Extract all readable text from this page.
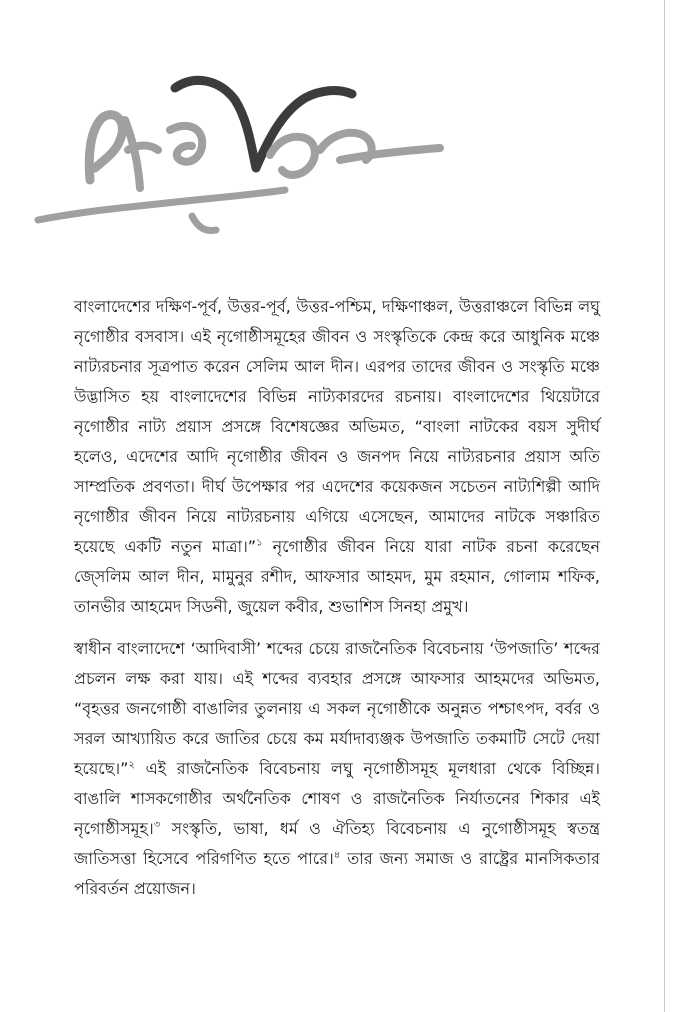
বাংলাদেশের দক্ষিণ-পূর্ব, উত্তর-পূর্ব, উত্তর-পশ্চিম, দক্ষিণাঞ্চল, উত্তরাঞ্চলে বিভিন্ন লঘু নৃগোষ্ঠীর বসবাস। এই নৃগোষ্ঠীসমূহের জীবন ও সংস্কৃতিকে কেন্দ্র করে আধুনিক মঞ্চে নাট্যরচনার সূত্রপাত করেন সেলিম আল দীন। এরপর তাদের জীবন ও সংস্কৃতি মঞ্চে উদ্ভাসিত হয় বাংলাদেশের বিভিন্ন নাট্যকারদের রচনায়। বাংলাদেশের থিয়েটারে নৃগোষ্ঠীর নাট্য প্রয়াস প্রসঙ্গে বিশেষজ্ঞের অভিমত, “বাংলা নাটকের বয়স সুদীর্ঘ হলেও, এদেশের আদি নৃগোষ্ঠীর জীবন ও জনপদ নিয়ে নাট্যরচনার প্রয়াস অতি সাম্প্রতিক প্রবণতা। দীর্ঘ উপেক্ষার পর এদেশের কয়েকজন সচেতন নাট্যশিল্পী আদি নৃগোষ্ঠীর জীবন নিয়ে নাট্যরচনায় এগিয়ে এসেছেন, আমাদের নাটকে সঞ্চারিত হয়েছে একটি নতুন মাত্রা।”$^১$ নৃগোষ্ঠীর জীবন নিয়ে যারা নাটক রচনা করেছেন জ্সেলিম আল দীন, মামুনুর রশীদ, আফসার আহমদ, মুম রহমান, গোলাম শফিক, তানভীর আহমেদ সিডনী, জুয়েল কবীর, শুভাশিস সিনহা প্রমুখ।

স্বাধীন বাংলাদেশে ‘আদিবাসী’ শব্দের চেয়ে রাজনৈতিক বিবেচনায় ‘উপজাতি’ শব্দের প্রচলন লক্ষ করা যায়। এই শব্দের ব্যবহার প্রসঙ্গে আফসার আহমদের অভিমত, “বৃহত্তর জনগোষ্ঠী বাঙালির তুলনায় এ সকল নৃগোষ্ঠীকে অনুন্নত পশ্চাৎপদ, বর্বর ও সরল আখ্যায়িত করে জাতির চেয়ে কম মর্যাদাব্যঞ্জক উপজাতি তকমাটি সেটে দেয়া হয়েছে।”$^২$ এই রাজনৈতিক বিবেচনায় লঘু নৃগোষ্ঠীসমূহ মূলধারা থেকে বিচ্ছিন্ন। বাঙালি শাসকগোষ্ঠীর অর্থনৈতিক শোষণ ও রাজনৈতিক নির্যাতনের শিকার এই নৃগোষ্ঠীসমূহ।$^৩$ সংস্কৃতি, ভাষা, ধর্ম ও ঐতিহ্য বিবেচনায় এ নুগোষ্ঠীসমূহ স্বতন্ত্র জাতিসত্তা হিসেবে পরিগণিত হতে পারে।$^৪$ তার জন্য সমাজ ও রাষ্ট্রের মানসিকতার পরিবর্তন প্রয়োজন।
